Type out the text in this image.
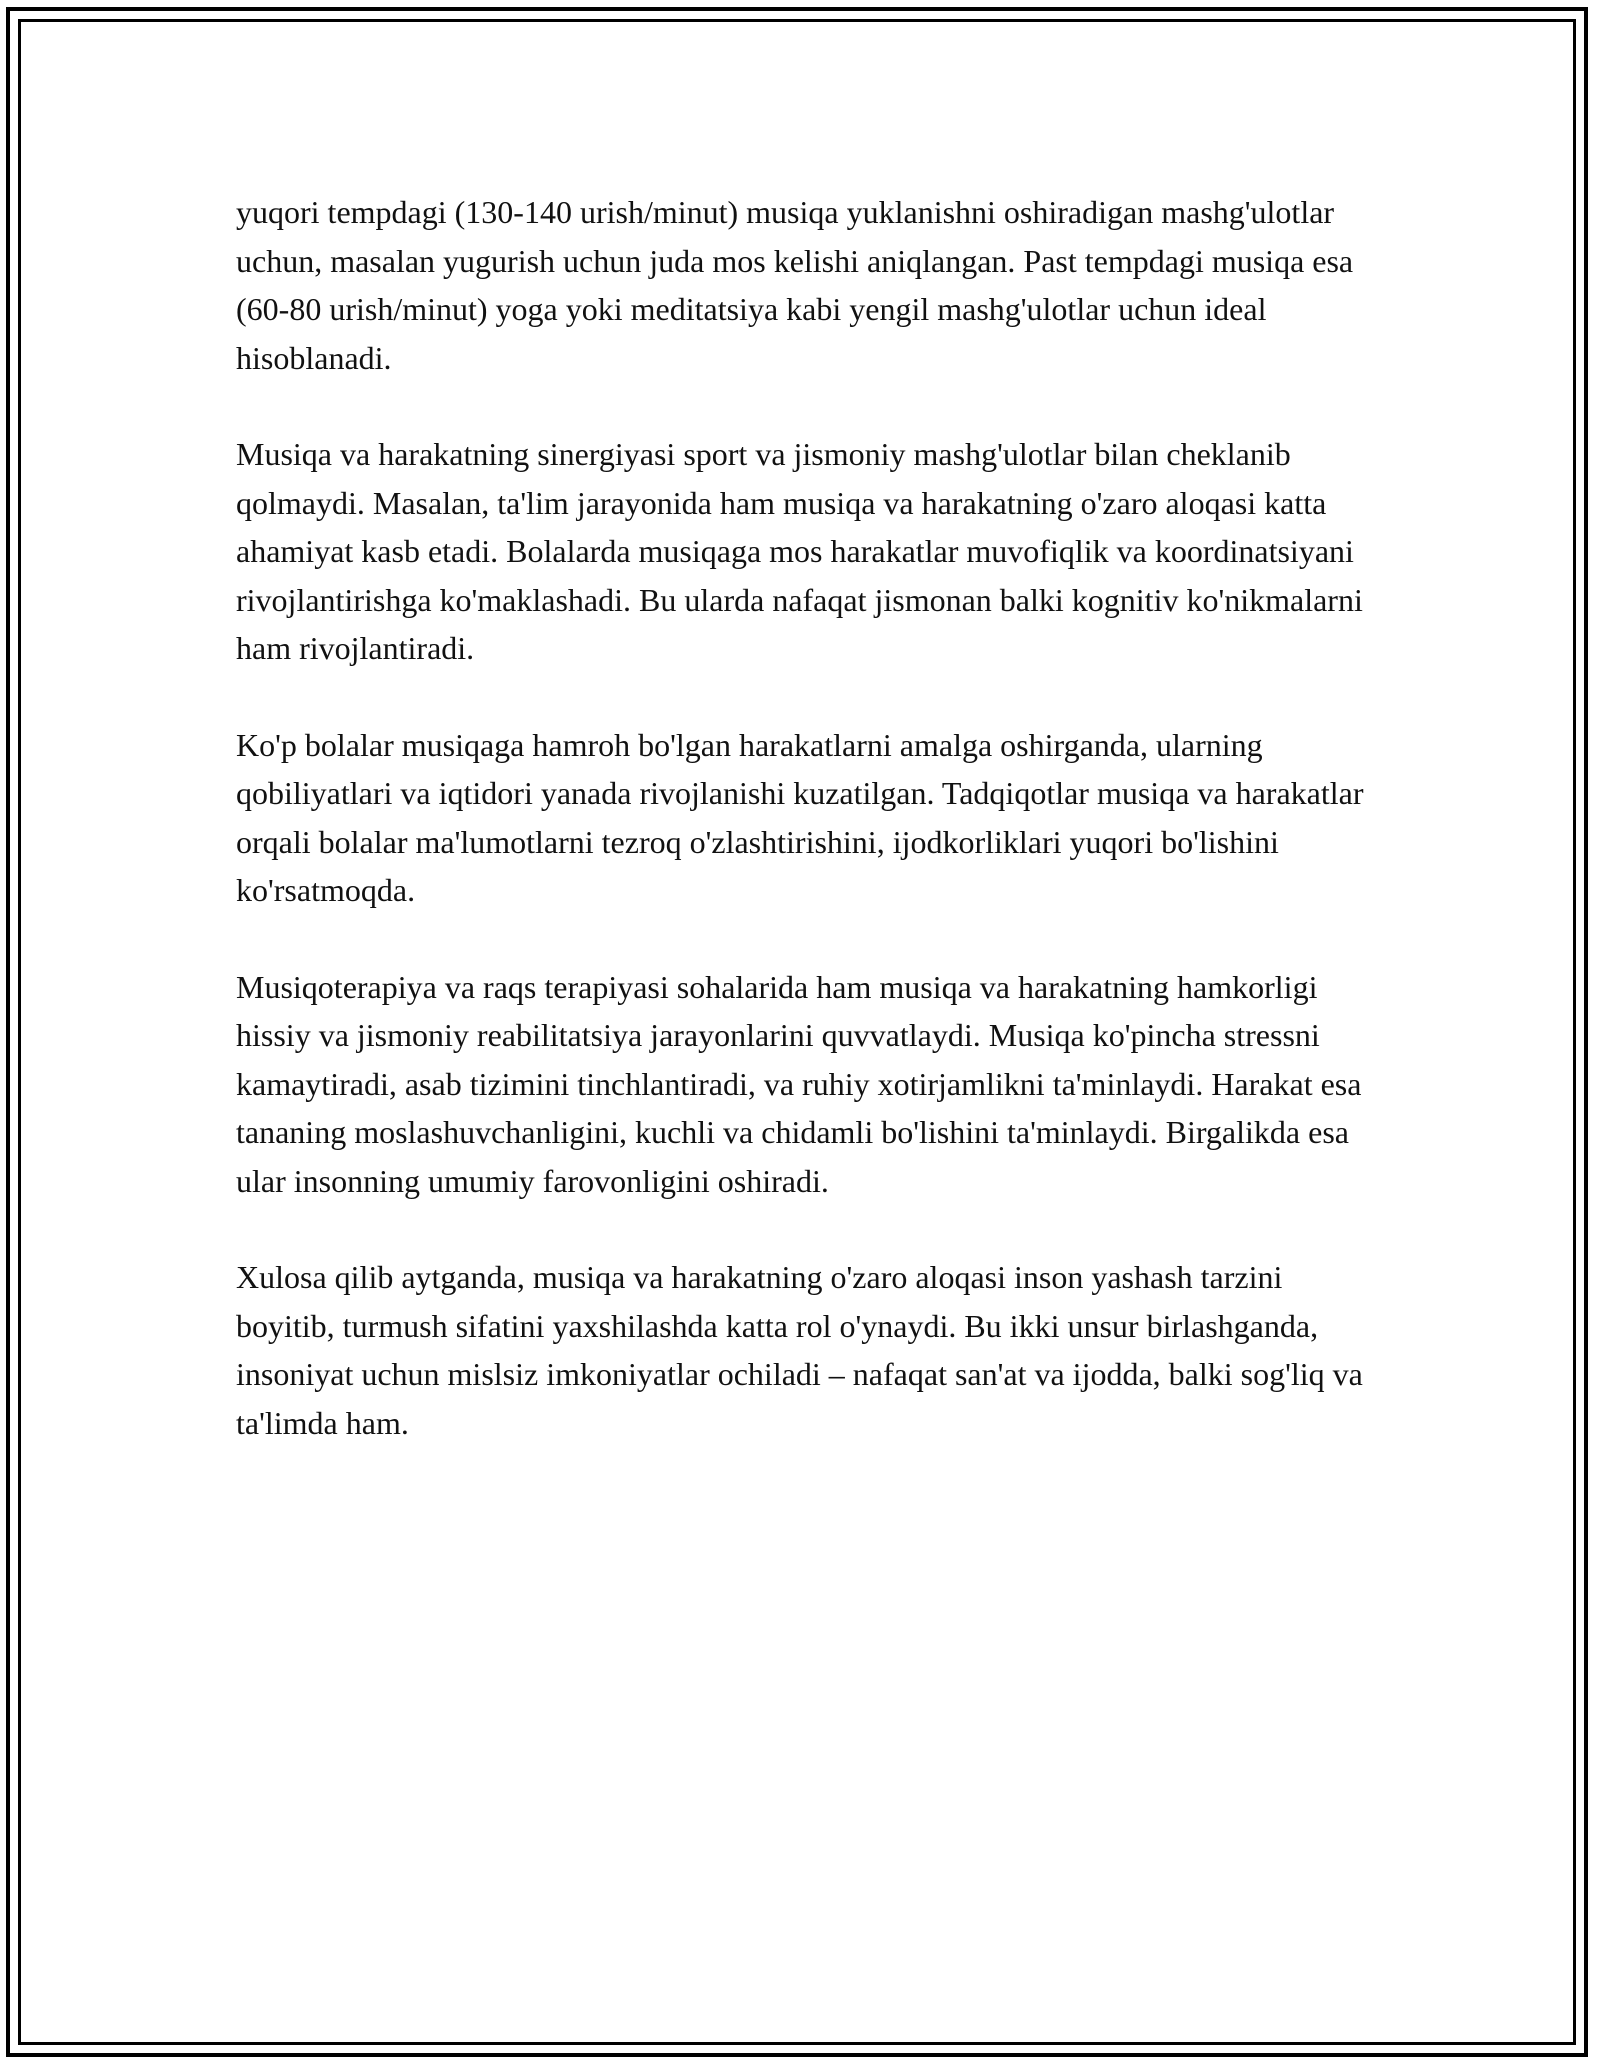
yuqori tempdagi (130-140 urish/minut) musiqa yuklanishni oshiradigan mashg'ulotlar uchun, masalan yugurish uchun juda mos kelishi aniqlangan. Past tempdagi musiqa esa (60-80 urish/minut) yoga yoki meditatsiya kabi yengil mashg'ulotlar uchun ideal hisoblanadi.

Musiqa va harakatning sinergiyasi sport va jismoniy mashg'ulotlar bilan cheklanib qolmaydi. Masalan, ta'lim jarayonida ham musiqa va harakatning o'zaro aloqasi katta ahamiyat kasb etadi. Bolalarda musiqaga mos harakatlar muvofiqlik va koordinatsiyani rivojlantirishga ko'maklashadi. Bu ularda nafaqat jismonan balki kognitiv ko'nikmalarni ham rivojlantiradi.

Ko'p bolalar musiqaga hamroh bo'lgan harakatlarni amalga oshirganda, ularning qobiliyatlari va iqtidori yanada rivojlanishi kuzatilgan. Tadqiqotlar musiqa va harakatlar orqali bolalar ma'lumotlarni tezroq o'zlashtirishini, ijodkorliklari yuqori bo'lishini ko'rsatmoqda.

Musiqoterapiya va raqs terapiyasi sohalarida ham musiqa va harakatning hamkorligi hissiy va jismoniy reabilitatsiya jarayonlarini quvvatlaydi. Musiqa ko'pincha stressni kamaytiradi, asab tizimini tinchlantiradi, va ruhiy xotirjamlikni ta'minlaydi. Harakat esa tananing moslashuvchanligini, kuchli va chidamli bo'lishini ta'minlaydi. Birgalikda esa ular insonning umumiy farovonligini oshiradi.

Xulosa qilib aytganda, musiqa va harakatning o'zaro aloqasi inson yashash tarzini boyitib, turmush sifatini yaxshilashda katta rol o'ynaydi. Bu ikki unsur birlashganda, insoniyat uchun mislsiz imkoniyatlar ochiladi – nafaqat san'at va ijodda, balki sog'liq va ta'limda ham.
